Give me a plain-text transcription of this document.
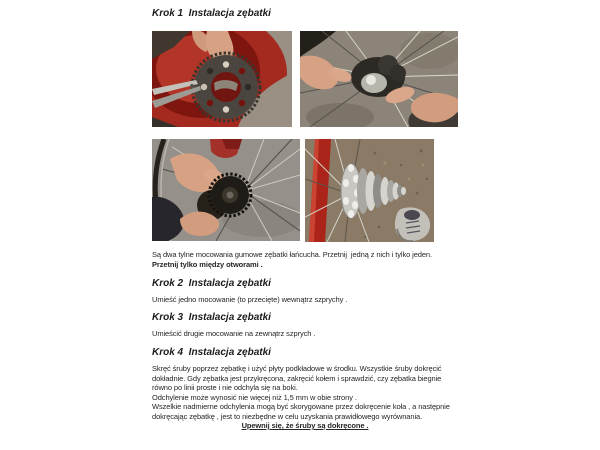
Krok 1  Instalacja zębatki

Są dwa tylne mocowania gumowe zębatki łańcucha. Przetnij  jedną z nich i tylko jeden.

Przetnij tylko między otworami .

Krok 2  Instalacja zębatki

Umieść jedno mocowanie (to przecięte) wewnątrz szprychy .

Krok 3  Instalacja zębatki

Umieścić drugie mocowanie na zewnątrz szprych .

Krok 4  Instalacja zębatki

Skręć śruby poprzez zębatkę i użyć płyty podkładowe w środku. Wszystkie śruby dokręcić dokładnie. Gdy zębatka jest przykręcona, zakręcić kołem i sprawdzić, czy zębatka biegnie równo po linii proste i nie odchyla się na boki.

Odchylenie może wynosić nie więcej niż 1,5 mm w obie strony .

Wszelkie nadmierne odchylenia mogą być skorygowane przez dokręcenie koła , a następnie dokręcając zębatkę , jest to niezbędne w celu uzyskania prawidłowego wyrównania.

Upewnij się, że śruby są dokręcone .
